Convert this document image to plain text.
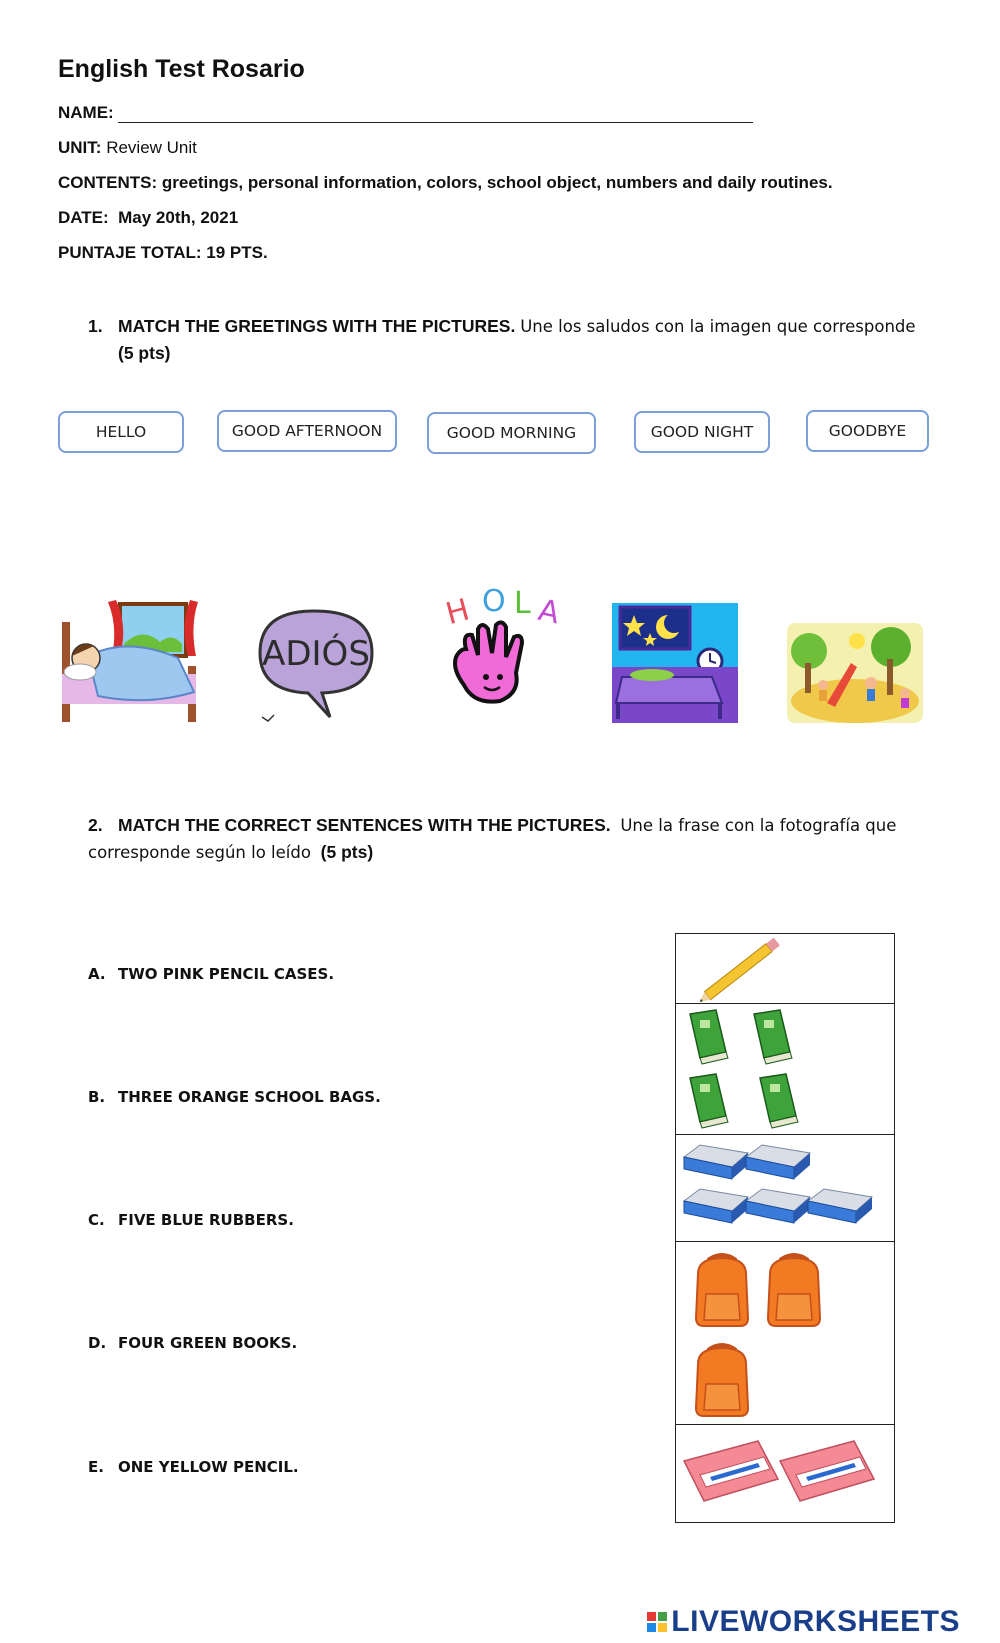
English Test Rosario
NAME:
UNIT: Review Unit
CONTENTS: greetings, personal information, colors, school object, numbers and daily routines.
DATE: May 20th, 2021
PUNTAJE TOTAL: 19 PTS.
1. MATCH THE GREETINGS WITH THE PICTURES. Une los saludos con la imagen que corresponde
(5 pts)
HELLO	GOOD AFTERNOON	GOOD MORNING	GOOD NIGHT	GOODBYE
ADIÓS
H O L A
2. MATCH THE CORRECT SENTENCES WITH THE PICTURES. Une la frase con la fotografía que corresponde según lo leído (5 pts)
A. TWO PINK PENCIL CASES.
B. THREE ORANGE SCHOOL BAGS.
C. FIVE BLUE RUBBERS.
D. FOUR GREEN BOOKS.
E. ONE YELLOW PENCIL.
LIVEWORKSHEETS
